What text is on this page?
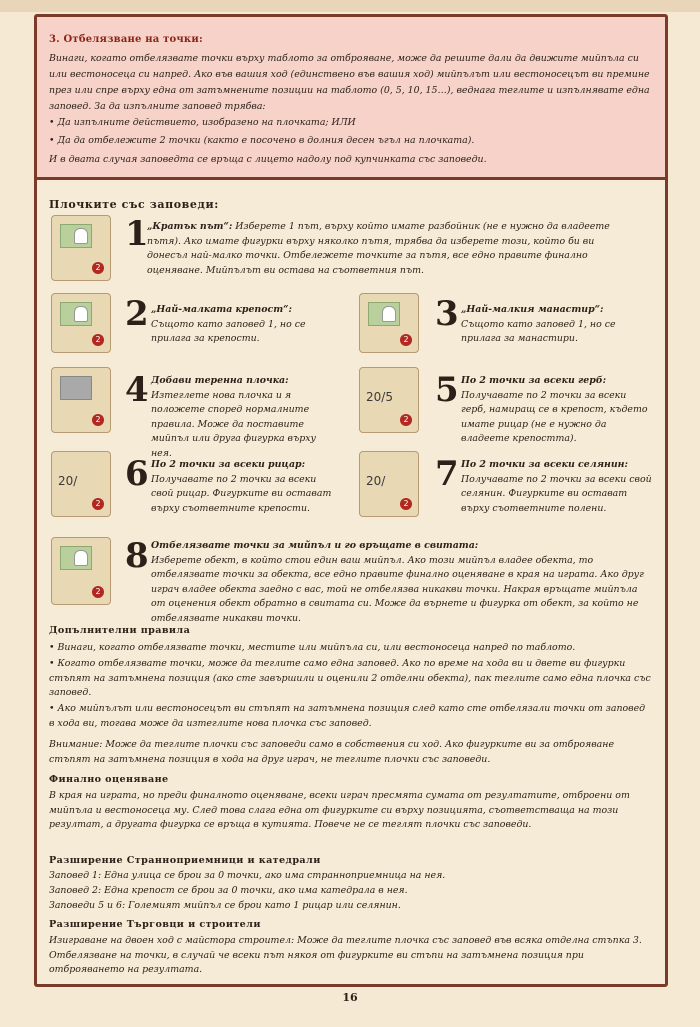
3. Отбелязване на точки:

Винаги, когато отбелязвате точки върху таблото за отброяване, може да решите дали да движите мийпъла си или вестоносеца си напред. Ако във вашия ход (единствено във вашия ход) мийпълът или вестоносецът ви премине през или спре върху една от затъмнените позиции на таблото (0, 5, 10, 15…), веднага теглите и изпълнявате една заповед. За да изпълните заповед трябва:

• Да изпълните действието, изобразено на плочката; ИЛИ

• Да да отбележите 2 точки (както е посочено в долния десен ъгъл на плочката).

И в двата случая заповедта се връща с лицето надолу под купчинката със заповеди.

Плочките със заповеди:
2
1

„Кратък път“: Изберете 1 път, върху който имате разбойник (не е нужно да владеете пътя). Ако имате фигурки върху няколко пътя, трябва да изберете този, който би ви донесъл най-малко точки. Отбележете точките за пътя, все едно правите финално оценяване. Мийпълът ви остава на съответния път.

2
2 „Най-малката крепост“:
Същото като заповед 1, но се прилага за крепости.	2
3 „Най-малкия манастир“:
Същото като заповед 1, но се прилага за манастири.

2
4 Добави теренна плочка:
Изтеглете нова плочка и я положете според нормалните правила. Може да поставите мийпъл или друга фигурка върху нея.

20/5
2
5 По 2 точки за всеки герб:
Получавате по 2 точки за всеки герб, намиращ се в крепост, където имате рицар (не е нужно да владеете крепостта).

20/
2
6 По 2 точки за всеки рицар:
Получавате по 2 точки за всеки свой рицар. Фигурките ви остават върху съответните крепости.

20/
2
7 По 2 точки за всеки селянин:
Получавате по 2 точки за всеки свой селянин. Фигурките ви остават върху съответните полени.

2
8 Отбелязвате точки за мийпъл и го връщате в свитата:
Изберете обект, в който стои един ваш мийпъл. Ако този мийпъл владее обекта, то отбелязвате точки за обекта, все едно правите финално оценяване в края на играта. Ако друг играч владее обекта заедно с вас, той не отбелязва никакви точки. Накрая връщате мийпъла от оценения обект обратно в свитата си. Може да върнете и фигурка от обект, за който не отбелязвате никакви точки.

Допълнителни правила

• Винаги, когато отбелязвате точки, местите или мийпъла си, или вестоносеца напред по таблото.

• Когато отбелязвате точки, може да теглите само една заповед. Ако по време на хода ви и двете ви фигурки стъпят на затъмнена позиция (ако сте завършили и оценили 2 отделни обекта), пак теглите само една плочка със заповед.

• Ако мийпълът или вестоносецът ви стъпят на затъмнена позиция след като сте отбелязали точки от заповед в хода ви, тогава може да изтеглите нова плочка със заповед.

Внимание: Може да теглите плочки със заповеди само в собствения си ход. Ако фигурките ви за отброяване стъпят на затъмнена позиция в хода на друг играч, не теглите плочки със заповеди.

Финално оценяване

В края на играта, но преди финалното оценяване, всеки играч пресмята сумата от резултатите, отброени от мийпъла и вестоносеца му. След това слага една от фигурките си върху позицията, съответстваща на този резултат, а другата фигурка се връща в кутията. Повече не се теглят плочки със заповеди.

Разширение Странноприемници и катедрали

Заповед 1: Една улица се брои за 0 точки, ако има странноприемница на нея.

Заповед 2: Една крепост се брои за 0 точки, ако има катедрала в нея.

Заповеди 5 и 6: Големият мийпъл се брои като 1 рицар или селянин.

Разширение Търговци и строители

Изиграване на двоен ход с майстора строител: Може да теглите плочка със заповед във всяка отделна стъпка 3. Отбелязване на точки, в случай че всеки път някоя от фигурките ви стъпи на затъмнена позиция при отброяването на резултата.

16
